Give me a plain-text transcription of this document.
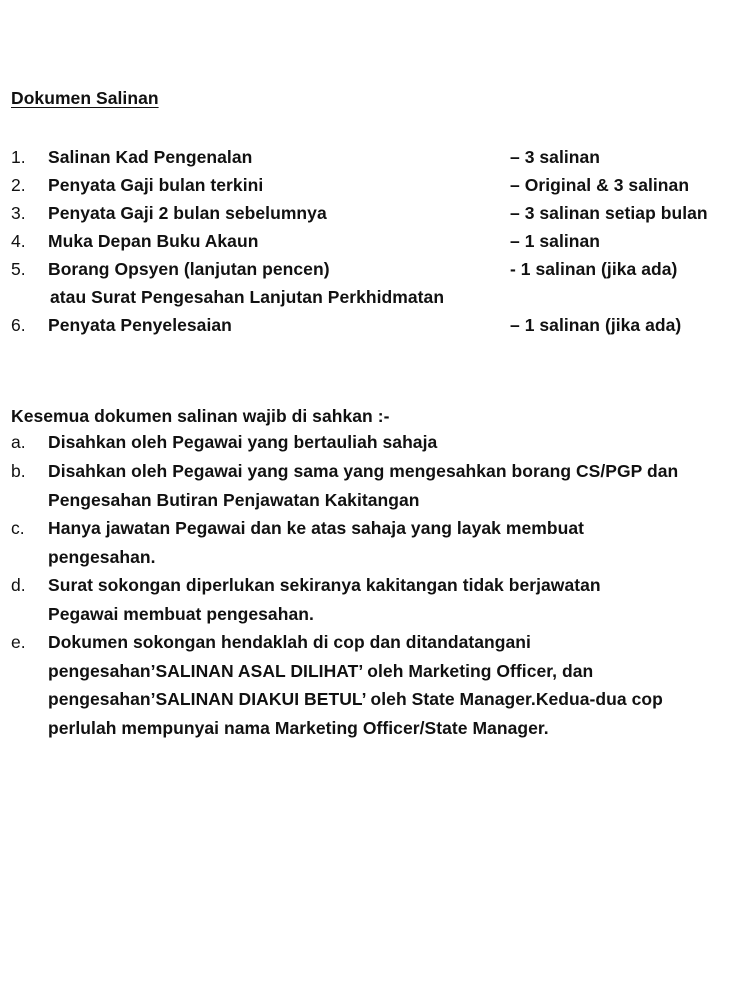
Dokumen Salinan
1. Salinan Kad Pengenalan	– 3 salinan
2. Penyata Gaji bulan terkini	– Original & 3 salinan
3. Penyata Gaji 2 bulan sebelumnya	– 3 salinan setiap bulan
4. Muka Depan Buku Akaun	– 1 salinan
5. Borang Opsyen (lanjutan pencen)	- 1 salinan (jika ada)
atau Surat Pengesahan Lanjutan Perkhidmatan
6. Penyata Penyelesaian	– 1 salinan (jika ada)
Kesemua dokumen salinan wajib di sahkan :-
a. Disahkan oleh Pegawai yang bertauliah sahaja
b. Disahkan oleh Pegawai yang sama yang mengesahkan borang CS/PGP dan
Pengesahan Butiran Penjawatan Kakitangan
c. Hanya jawatan Pegawai dan ke atas sahaja yang layak membuat
pengesahan.
d. Surat sokongan diperlukan sekiranya kakitangan tidak berjawatan
Pegawai membuat pengesahan.
e. Dokumen sokongan hendaklah di cop dan ditandatangani
pengesahan’SALINAN ASAL DILIHAT’ oleh Marketing Officer, dan
pengesahan’SALINAN DIAKUI BETUL’ oleh State Manager.Kedua-dua cop
perlulah mempunyai nama Marketing Officer/State Manager.
